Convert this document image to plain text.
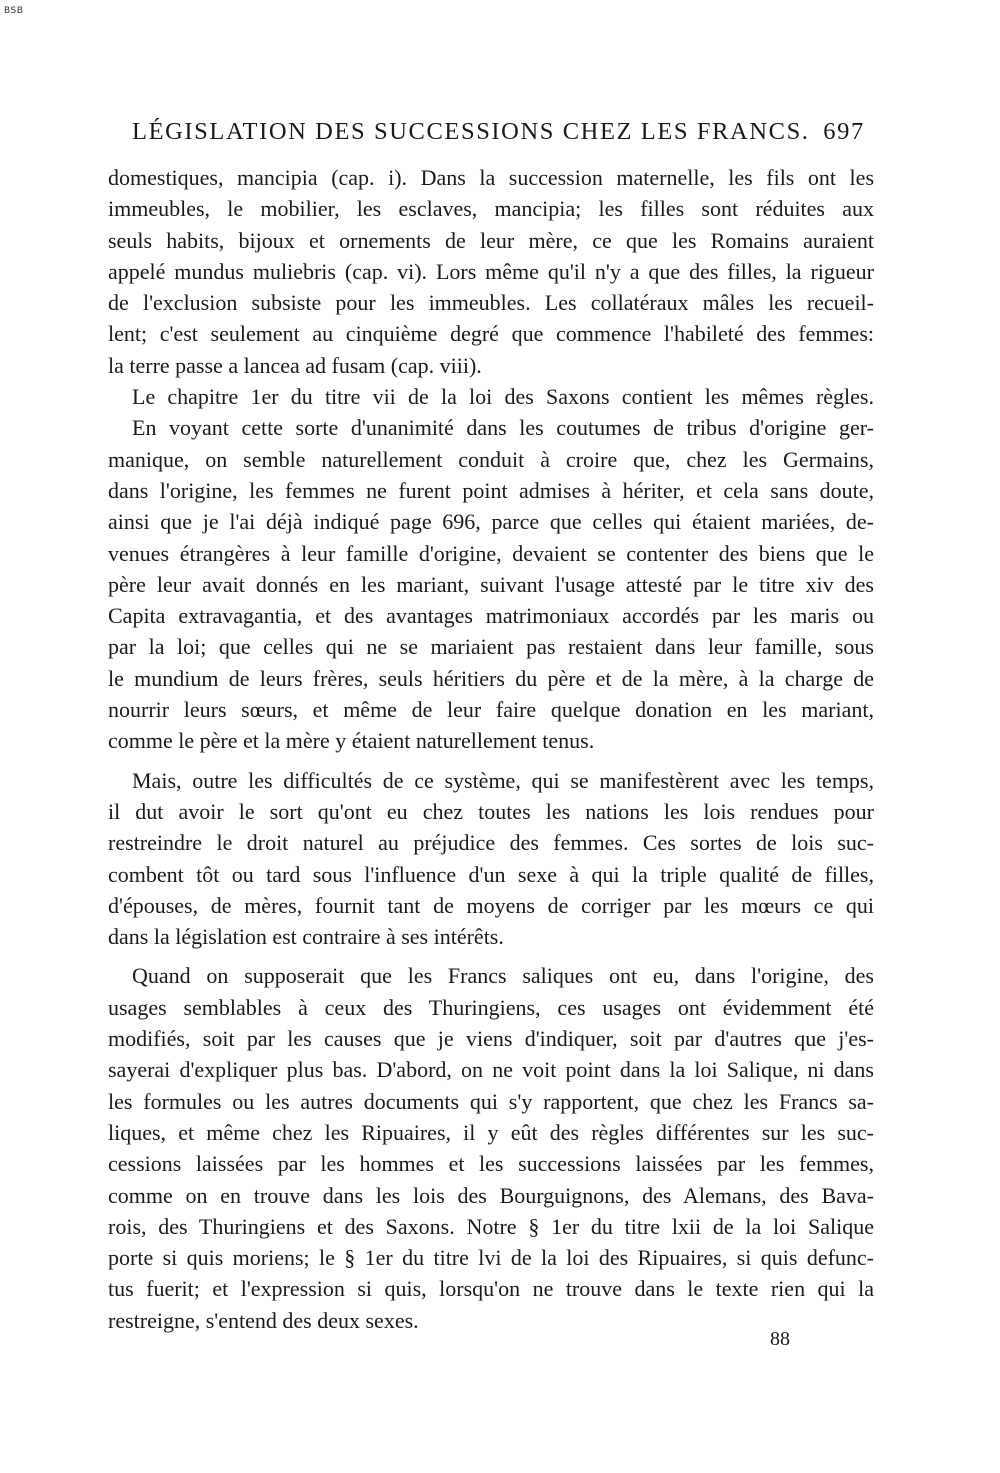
BSB
LÉGISLATION DES SUCCESSIONS CHEZ LES FRANCS. 697
domestiques, mancipia (cap. i). Dans la succession maternelle, les fils ont les
immeubles, le mobilier, les esclaves, mancipia; les filles sont réduites aux
seuls habits, bijoux et ornements de leur mère, ce que les Romains auraient
appelé mundus muliebris (cap. vi). Lors même qu'il n'y a que des filles, la rigueur
de l'exclusion subsiste pour les immeubles. Les collatéraux mâles les recueil-
lent; c'est seulement au cinquième degré que commence l'habileté des femmes:
la terre passe a lancea ad fusam (cap. viii).
Le chapitre 1er du titre vii de la loi des Saxons contient les mêmes règles.
En voyant cette sorte d'unanimité dans les coutumes de tribus d'origine ger-
manique, on semble naturellement conduit à croire que, chez les Germains,
dans l'origine, les femmes ne furent point admises à hériter, et cela sans doute,
ainsi que je l'ai déjà indiqué page 696, parce que celles qui étaient mariées, de-
venues étrangères à leur famille d'origine, devaient se contenter des biens que le
père leur avait donnés en les mariant, suivant l'usage attesté par le titre xiv des
Capita extravagantia, et des avantages matrimoniaux accordés par les maris ou
par la loi; que celles qui ne se mariaient pas restaient dans leur famille, sous
le mundium de leurs frères, seuls héritiers du père et de la mère, à la charge de
nourrir leurs sœurs, et même de leur faire quelque donation en les mariant,
comme le père et la mère y étaient naturellement tenus.
Mais, outre les difficultés de ce système, qui se manifestèrent avec les temps,
il dut avoir le sort qu'ont eu chez toutes les nations les lois rendues pour
restreindre le droit naturel au préjudice des femmes. Ces sortes de lois suc-
combent tôt ou tard sous l'influence d'un sexe à qui la triple qualité de filles,
d'épouses, de mères, fournit tant de moyens de corriger par les mœurs ce qui
dans la législation est contraire à ses intérêts.
Quand on supposerait que les Francs saliques ont eu, dans l'origine, des
usages semblables à ceux des Thuringiens, ces usages ont évidemment été
modifiés, soit par les causes que je viens d'indiquer, soit par d'autres que j'es-
sayerai d'expliquer plus bas. D'abord, on ne voit point dans la loi Salique, ni dans
les formules ou les autres documents qui s'y rapportent, que chez les Francs sa-
liques, et même chez les Ripuaires, il y eût des règles différentes sur les suc-
cessions laissées par les hommes et les successions laissées par les femmes,
comme on en trouve dans les lois des Bourguignons, des Alemans, des Bava-
rois, des Thuringiens et des Saxons. Notre § 1er du titre lxii de la loi Salique
porte si quis moriens; le § 1er du titre lvi de la loi des Ripuaires, si quis defunc-
tus fuerit; et l'expression si quis, lorsqu'on ne trouve dans le texte rien qui la
restreigne, s'entend des deux sexes.
88
